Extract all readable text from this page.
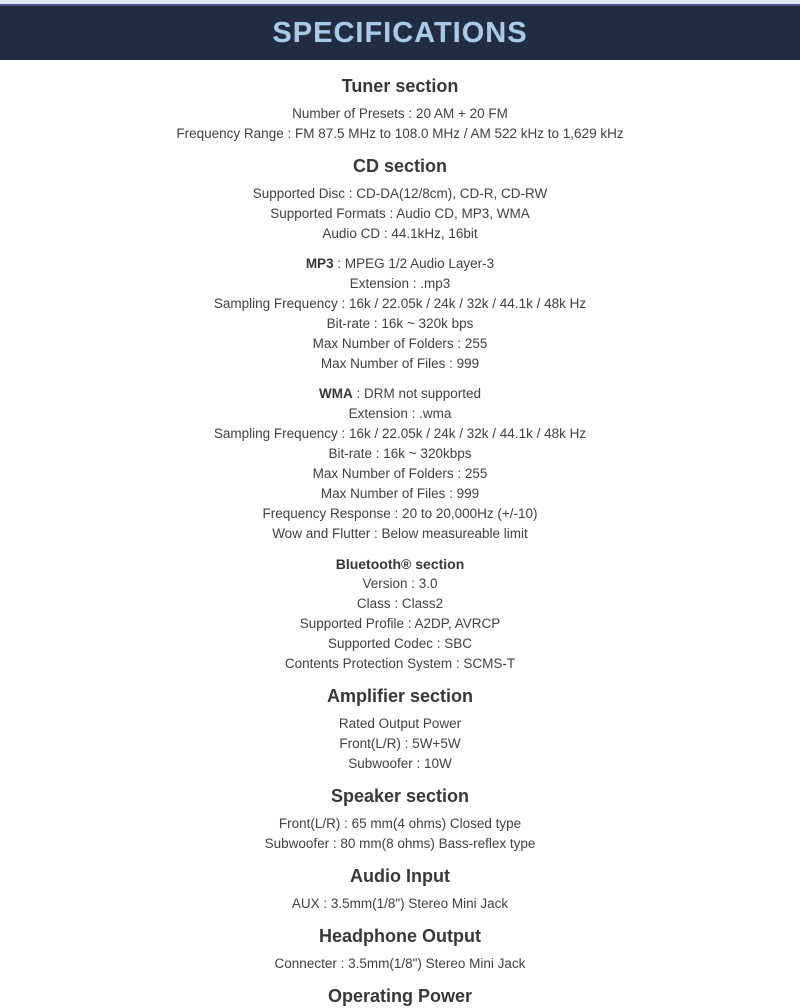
SPECIFICATIONS
Tuner section

Number of Presets : 20 AM + 20 FM

Frequency Range : FM 87.5 MHz to 108.0 MHz / AM 522 kHz to 1,629 kHz

CD section

Supported Disc : CD-DA(12/8cm), CD-R, CD-RW

Supported Formats : Audio CD, MP3, WMA

Audio CD : 44.1kHz, 16bit

MP3 : MPEG 1/2 Audio Layer-3

Extension : .mp3

Sampling Frequency : 16k / 22.05k / 24k / 32k / 44.1k / 48k Hz

Bit-rate : 16k ~ 320k bps

Max Number of Folders : 255

Max Number of Files : 999

WMA : DRM not supported

Extension : .wma

Sampling Frequency : 16k / 22.05k / 24k / 32k / 44.1k / 48k Hz

Bit-rate : 16k ~ 320kbps

Max Number of Folders : 255

Max Number of Files : 999

Frequency Response : 20 to 20,000Hz (+/-10)

Wow and Flutter : Below measureable limit

Bluetooth® section

Version : 3.0

Class : Class2

Supported Profile : A2DP, AVRCP

Supported Codec : SBC

Contents Protection System : SCMS-T

Amplifier section

Rated Output Power

Front(L/R) : 5W+5W

Subwoofer : 10W

Speaker section

Front(L/R) : 65 mm(4 ohms) Closed type

Subwoofer : 80 mm(8 ohms) Bass-reflex type

Audio Input

AUX : 3.5mm(1/8") Stereo Mini Jack

Headphone Output

Connecter : 3.5mm(1/8") Stereo Mini Jack

Operating Power
